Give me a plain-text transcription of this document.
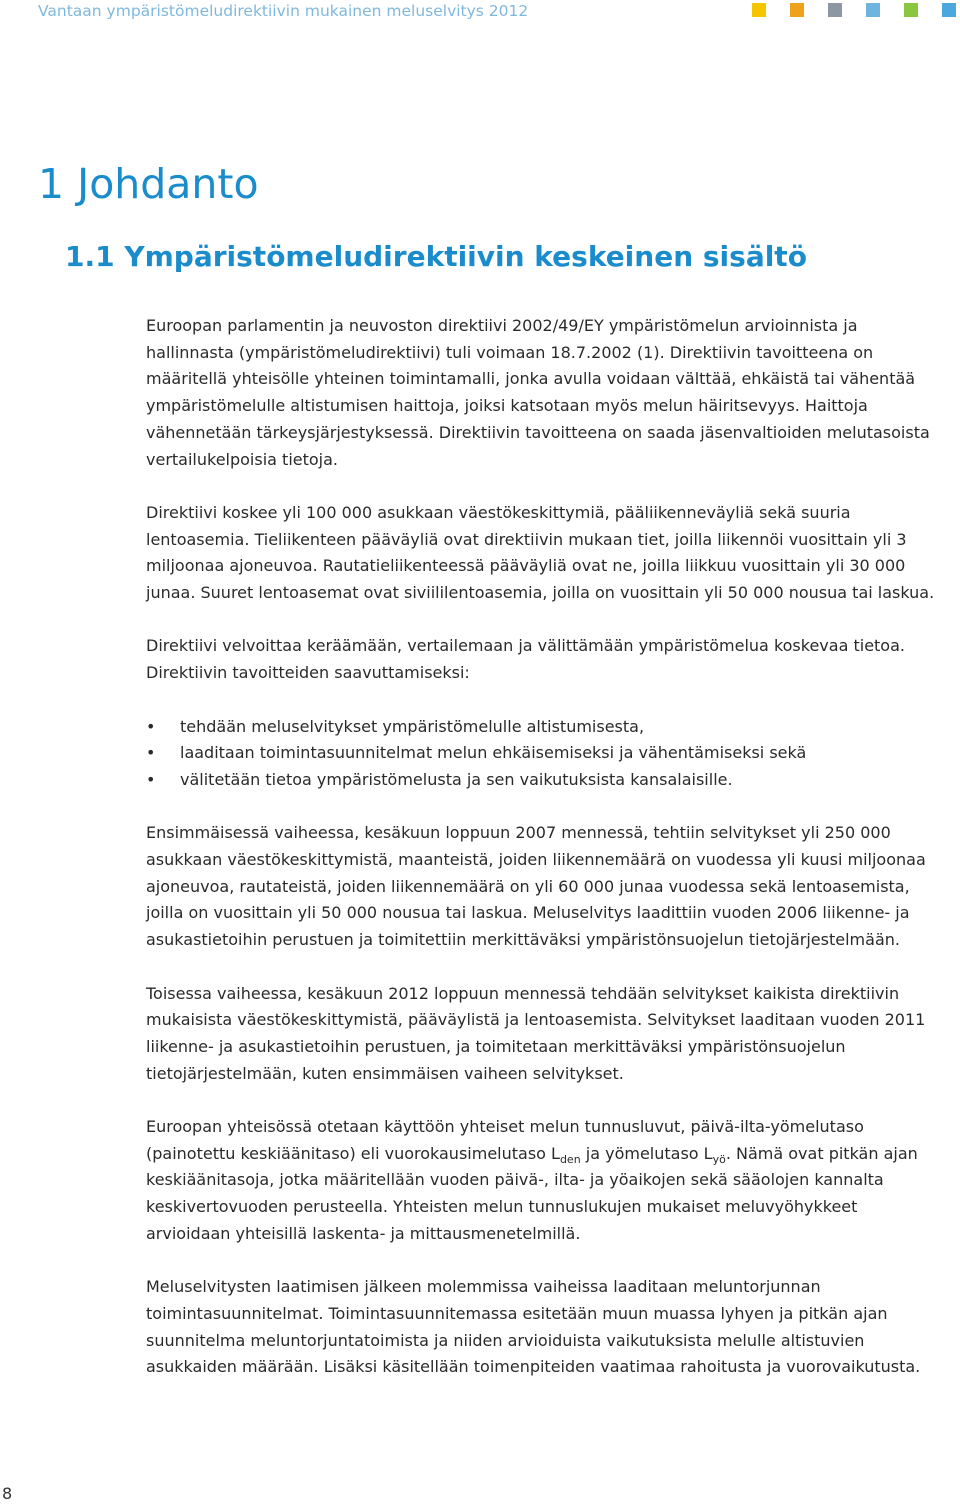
Vantaan ympäristömeludirektiivin mukainen meluselvitys 2012
1 Johdanto
1.1 Ympäristömeludirektiivin keskeinen sisältö

Euroopan parlamentin ja neuvoston direktiivi 2002/49/EY ympäristömelun arvioinnista ja hallinnasta (ympäristömeludirektiivi) tuli voimaan 18.7.2002 (1). Direktiivin tavoitteena on määritellä yhteisölle yhteinen toimintamalli, jonka avulla voidaan välttää, ehkäistä tai vähentää ympäristömelulle altistumisen haittoja, joiksi katsotaan myös melun häiritsevyys. Haittoja vähennetään tärkeysjärjestyksessä. Direktiivin tavoitteena on saada jäsenvaltioiden melutasoista vertailukelpoisia tietoja.

Direktiivi koskee yli 100 000 asukkaan väestökeskittymiä, pääliikenneväyliä sekä suuria lentoasemia. Tieliikenteen pääväyliä ovat direktiivin mukaan tiet, joilla liikennöi vuosittain yli 3 miljoonaa ajoneuvoa. Rautatieliikenteessä pääväyliä ovat ne, joilla liikkuu vuosittain yli 30 000 junaa. Suuret lentoasemat ovat siviililentoasemia, joilla on vuosittain yli 50 000 nousua tai laskua.

Direktiivi velvoittaa keräämään, vertailemaan ja välittämään ympäristömelua koskevaa tietoa. Direktiivin tavoitteiden saavuttamiseksi:

• tehdään meluselvitykset ympäristömelulle altistumisesta,
• laaditaan toimintasuunnitelmat melun ehkäisemiseksi ja vähentämiseksi sekä
• välitetään tietoa ympäristömelusta ja sen vaikutuksista kansalaisille.

Ensimmäisessä vaiheessa, kesäkuun loppuun 2007 mennessä, tehtiin selvitykset yli 250 000 asukkaan väestökeskittymistä, maanteistä, joiden liikennemäärä on vuodessa yli kuusi miljoonaa ajoneuvoa, rautateistä, joiden liikennemäärä on yli 60 000 junaa vuodessa sekä lentoasemista, joilla on vuosittain yli 50 000 nousua tai laskua. Meluselvitys laadittiin vuoden 2006 liikenne- ja asukastietoihin perustuen ja toimitettiin merkittäväksi ympäristönsuojelun tietojärjestelmään.

Toisessa vaiheessa, kesäkuun 2012 loppuun mennessä tehdään selvitykset kaikista direktiivin mukaisista väestökeskittymistä, pääväylistä ja lentoasemista. Selvitykset laaditaan vuoden 2011 liikenne- ja asukastietoihin perustuen, ja toimitetaan merkittäväksi ympäristönsuojelun tietojärjestelmään, kuten ensimmäisen vaiheen selvitykset.

Euroopan yhteisössä otetaan käyttöön yhteiset melun tunnusluvut, päivä-ilta-yömelutaso (painotettu keskiäänitaso) eli vuorokausimelutaso $L_{den}$ ja yömelutaso $L_{yö}$. Nämä ovat pitkän ajan keskiäänitasoja, jotka määritellään vuoden päivä-, ilta- ja yöaikojen sekä sääolojen kannalta keskivertovuoden perusteella. Yhteisten melun tunnuslukujen mukaiset meluvyöhykkeet arvioidaan yhteisillä laskenta- ja mittausmenetelmillä.

Meluselvitysten laatimisen jälkeen molemmissa vaiheissa laaditaan meluntorjunnan toimintasuunnitelmat. Toimintasuunnitemassa esitetään muun muassa lyhyen ja pitkän ajan suunnitelma meluntorjuntatoimista ja niiden arvioiduista vaikutuksista melulle altistuvien asukkaiden määrään. Lisäksi käsitellään toimenpiteiden vaatimaa rahoitusta ja vuorovaikutusta.

8
